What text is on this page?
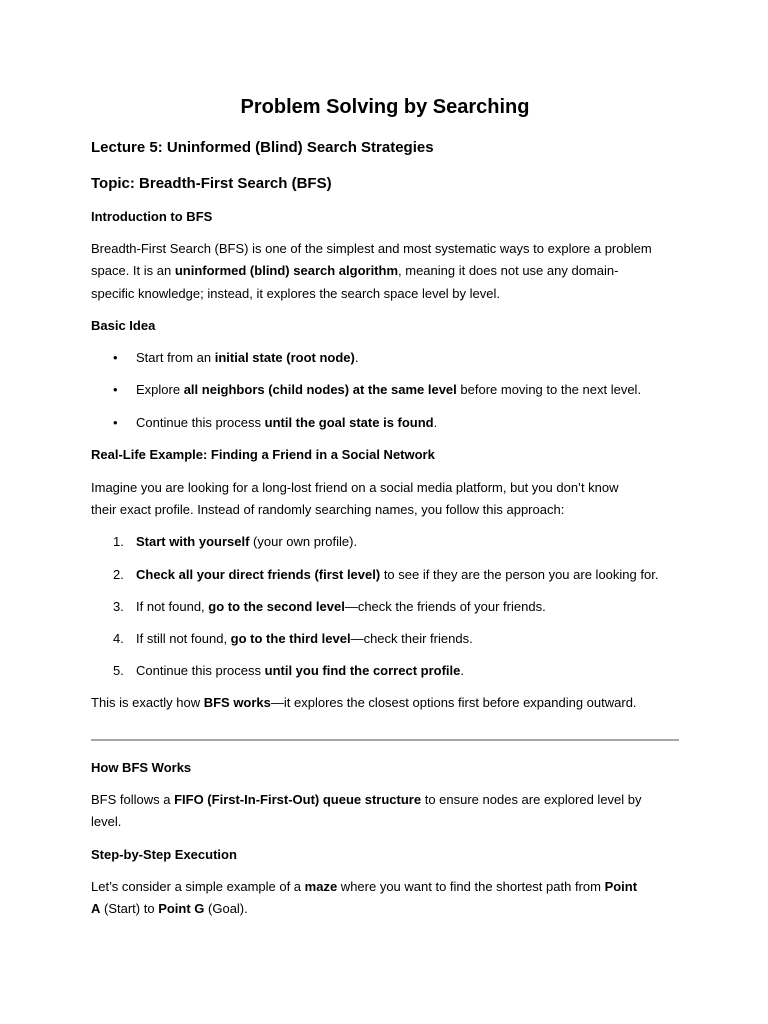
Problem Solving by Searching
Lecture 5: Uninformed (Blind) Search Strategies
Topic: Breadth-First Search (BFS)
Introduction to BFS

Breadth-First Search (BFS) is one of the simplest and most systematic ways to explore a problem

space. It is an uninformed (blind) search algorithm, meaning it does not use any domain-

specific knowledge; instead, it explores the search space level by level.

Basic Idea
• Start from an initial state (root node).
• Explore all neighbors (child nodes) at the same level before moving to the next level.
• Continue this process until the goal state is found.
Real-Life Example: Finding a Friend in a Social Network

Imagine you are looking for a long-lost friend on a social media platform, but you don’t know

their exact profile. Instead of randomly searching names, you follow this approach:

1. Start with yourself (your own profile).
2. Check all your direct friends (first level) to see if they are the person you are looking for.
3. If not found, go to the second level—check the friends of your friends.
4. If still not found, go to the third level—check their friends.
5. Continue this process until you find the correct profile.

This is exactly how BFS works—it explores the closest options first before expanding outward.

How BFS Works

BFS follows a FIFO (First-In-First-Out) queue structure to ensure nodes are explored level by

level.

Step-by-Step Execution

Let’s consider a simple example of a maze where you want to find the shortest path from Point

A (Start) to Point G (Goal).
